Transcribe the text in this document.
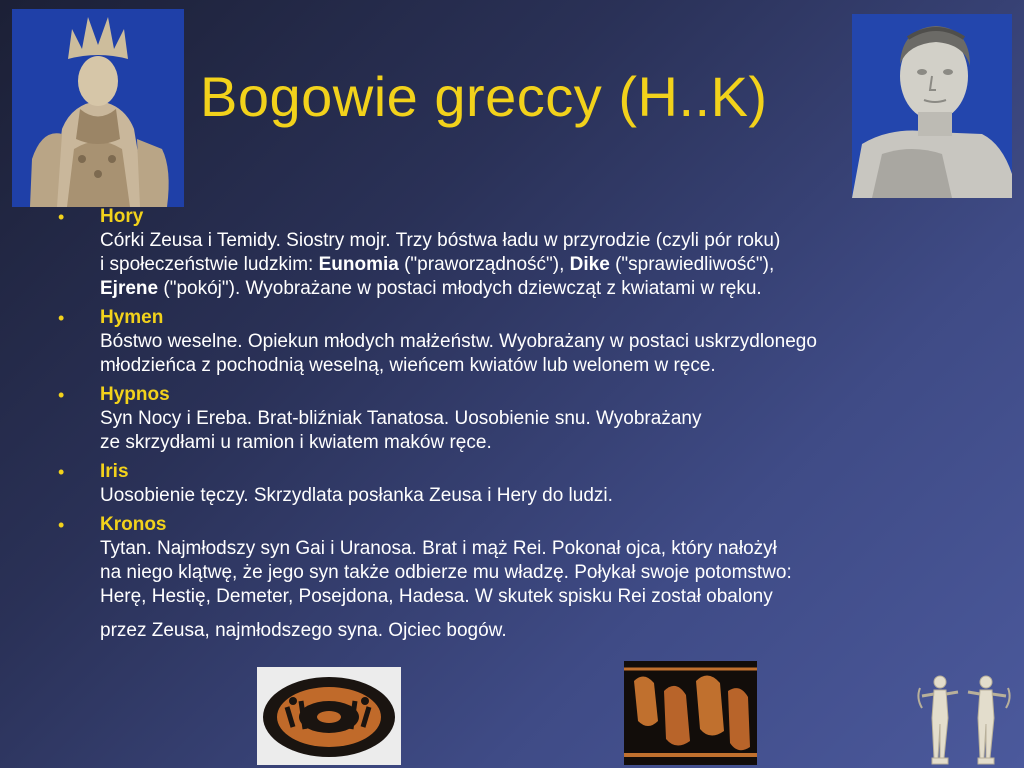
Bogowie greccy (H..K)
• Hory
Córki Zeusa i Temidy. Siostry mojr. Trzy bóstwa ładu w przyrodzie (czyli pór roku)
i społeczeństwie ludzkim: Eunomia ("praworządność"), Dike ("sprawiedliwość"),
Ejrene ("pokój"). Wyobrażane w postaci młodych dziewcząt z kwiatami w ręku.
• Hymen
Bóstwo weselne. Opiekun młodych małżeństw. Wyobrażany w postaci uskrzydlonego
młodzieńca z pochodnią weselną, wieńcem kwiatów lub welonem w ręce.
• Hypnos
Syn Nocy i Ereba. Brat-bliźniak Tanatosa. Uosobienie snu. Wyobrażany
ze skrzydłami u ramion i kwiatem maków ręce.
• Iris
Uosobienie tęczy. Skrzydlata posłanka Zeusa i Hery do ludzi.
• Kronos
Tytan. Najmłodszy syn Gai i Uranosa. Brat i mąż Rei. Pokonał ojca, który nałożył
na niego klątwę, że jego syn także odbierze mu władzę. Połykał swoje potomstwo:
Herę, Hestię, Demeter, Posejdona, Hadesa. W skutek spisku Rei został obalony
przez Zeusa, najmłodszego syna. Ojciec bogów.
